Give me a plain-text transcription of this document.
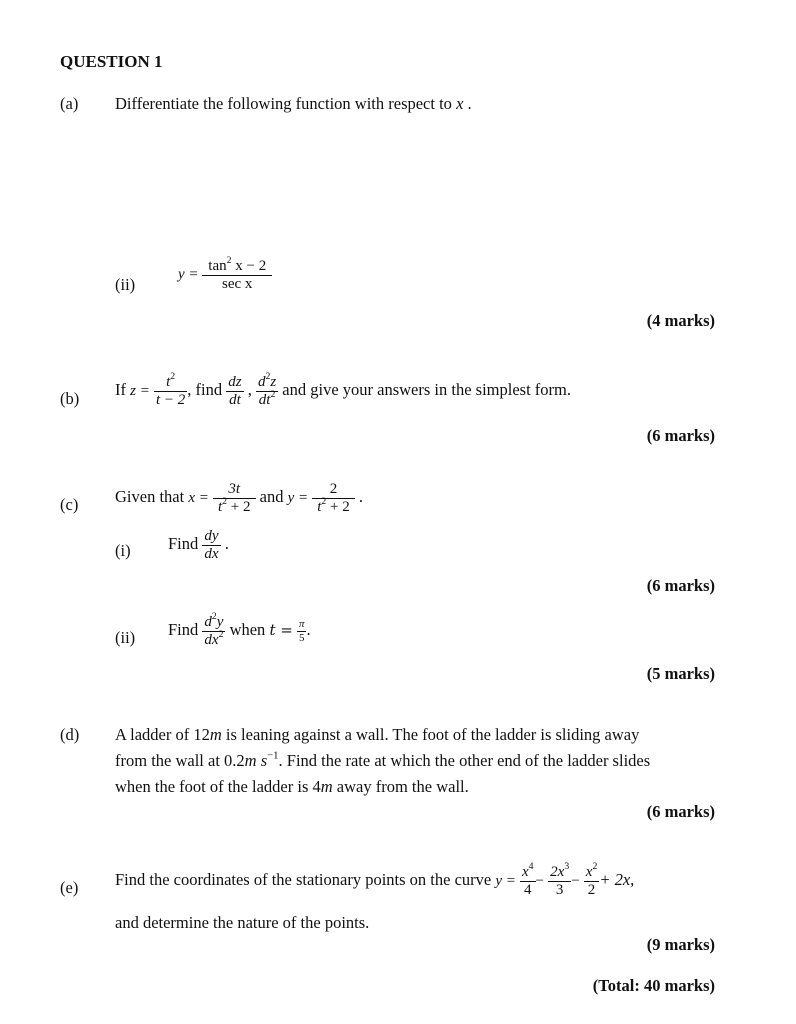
QUESTION 1
(a) Differentiate the following function with respect to x .
(ii)
$y = \frac{\tan^2 x - 2}{\text{sec x}}$
(4 marks)
(b) If $z = \frac{t^2}{t - 2}$ , find $\frac{dz}{dt}$ , $\frac{d^2z}{dt^2}$ and give your answers in the simplest form.
(6 marks)
(c) Given that $x = \frac{3t}{t^2 + 2}$ and $y = \frac{2}{t^2 + 2}$ .
(i) Find $\frac{dy}{dx}$ .
(6 marks)
(ii) Find $\frac{d^2y}{dx^2}$ when $t = \frac{\pi}{5}$ .
(5 marks)
(d) A ladder of 12m is leaning against a wall. The foot of the ladder is sliding away
from the wall at 0.2m $s^{-1}$. Find the rate at which the other end of the ladder slides
when the foot of the ladder is 4m away from the wall.
(6 marks)
(e) Find the coordinates of the stationary points on the curve $y = \frac{x^4}{4} - \frac{2x^3}{3} - \frac{x^2}{2} + 2x$,
and determine the nature of the points.
(9 marks)
(Total: 40 marks)
